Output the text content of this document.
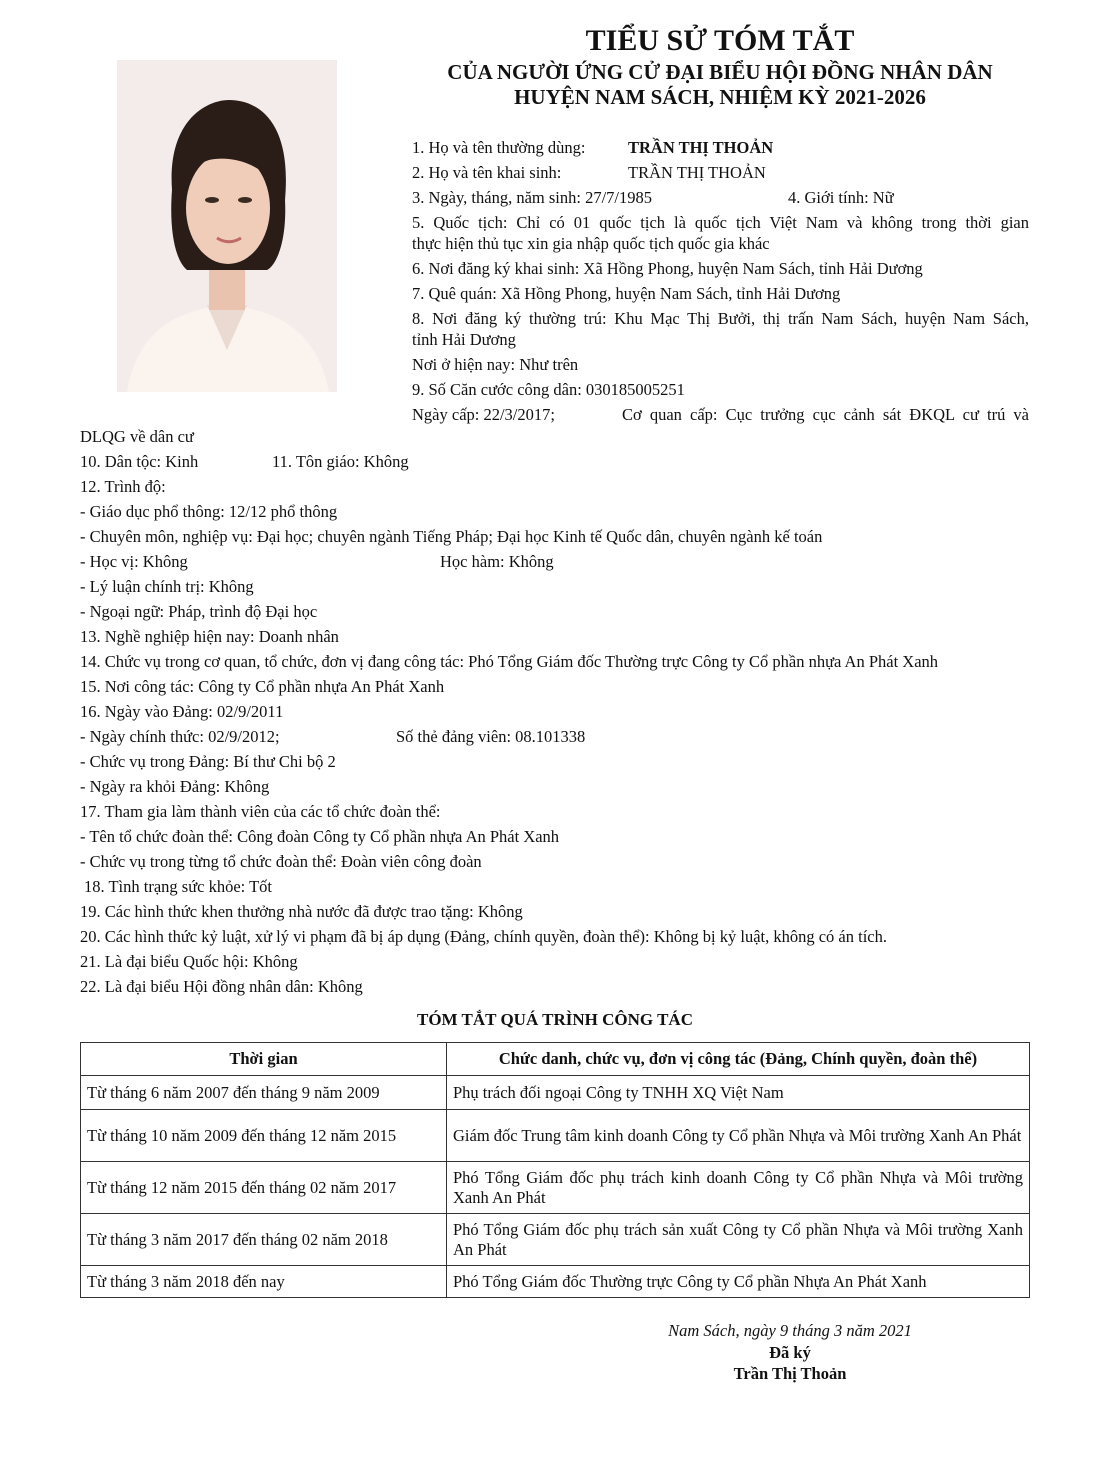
TIỂU SỬ TÓM TẮT
CỦA NGƯỜI ỨNG CỬ ĐẠI BIỂU HỘI ĐỒNG NHÂN DÂN
HUYỆN NAM SÁCH, NHIỆM KỲ 2021-2026
1. Họ và tên thường dùng:	TRẦN THỊ THOẢN
2. Họ và tên khai sinh:	TRẦN THỊ THOẢN
3. Ngày, tháng, năm sinh: 27/7/1985	4. Giới tính: Nữ
5. Quốc tịch: Chỉ có 01 quốc tịch là quốc tịch Việt Nam và không trong thời gian
thực hiện thủ tục xin gia nhập quốc tịch quốc gia khác
6. Nơi đăng ký khai sinh: Xã Hồng Phong, huyện Nam Sách, tỉnh Hải Dương
7. Quê quán: Xã Hồng Phong, huyện Nam Sách, tỉnh Hải Dương
8. Nơi đăng ký thường trú: Khu Mạc Thị Bưởi, thị trấn Nam Sách, huyện Nam Sách,
tỉnh Hải Dương
Nơi ở hiện nay: Như trên
9. Số Căn cước công dân: 030185005251
Ngày cấp: 22/3/2017;	Cơ quan cấp: Cục trưởng cục cảnh sát ĐKQL cư trú và
DLQG về dân cư
10. Dân tộc: Kinh	11. Tôn giáo: Không
12. Trình độ:
- Giáo dục phổ thông: 12/12 phổ thông
- Chuyên môn, nghiệp vụ: Đại học; chuyên ngành Tiếng Pháp; Đại học Kinh tế Quốc dân, chuyên ngành kế toán
- Học vị: Không	Học hàm: Không
- Lý luận chính trị: Không
- Ngoại ngữ: Pháp, trình độ Đại học
13. Nghề nghiệp hiện nay: Doanh nhân
14. Chức vụ trong cơ quan, tổ chức, đơn vị đang công tác: Phó Tổng Giám đốc Thường trực Công ty Cổ phần nhựa An Phát Xanh
15. Nơi công tác: Công ty Cổ phần nhựa An Phát Xanh
16. Ngày vào Đảng: 02/9/2011
- Ngày chính thức: 02/9/2012;	Số thẻ đảng viên: 08.101338
- Chức vụ trong Đảng: Bí thư Chi bộ 2
- Ngày ra khỏi Đảng: Không
17. Tham gia làm thành viên của các tổ chức đoàn thể:
- Tên tổ chức đoàn thể: Công đoàn Công ty Cổ phần nhựa An Phát Xanh
- Chức vụ trong từng tổ chức đoàn thể: Đoàn viên công đoàn
18. Tình trạng sức khỏe: Tốt
19. Các hình thức khen thưởng nhà nước đã được trao tặng: Không
20. Các hình thức kỷ luật, xử lý vi phạm đã bị áp dụng (Đảng, chính quyền, đoàn thể): Không bị kỷ luật, không có án tích.
21. Là đại biểu Quốc hội: Không
22. Là đại biểu Hội đồng nhân dân: Không
TÓM TẮT QUÁ TRÌNH CÔNG TÁC
Thời gian	Chức danh, chức vụ, đơn vị công tác (Đảng, Chính quyền, đoàn thể)
Từ tháng 6 năm 2007 đến tháng 9 năm 2009	Phụ trách đối ngoại Công ty TNHH XQ Việt Nam
Từ tháng 10 năm 2009 đến tháng 12 năm 2015	Giám đốc Trung tâm kinh doanh Công ty Cổ phần Nhựa và Môi trường Xanh An Phát
Từ tháng 12 năm 2015 đến tháng 02 năm 2017	Phó Tổng Giám đốc phụ trách kinh doanh Công ty Cổ phần Nhựa và Môi trường Xanh An Phát
Từ tháng 3 năm 2017 đến tháng 02 năm 2018	Phó Tổng Giám đốc phụ trách sản xuất Công ty Cổ phần Nhựa và Môi trường Xanh An Phát
Từ tháng 3 năm 2018 đến nay	Phó Tổng Giám đốc Thường trực Công ty Cổ phần Nhựa An Phát Xanh
Nam Sách, ngày 9 tháng 3 năm 2021
Đã ký
Trần Thị Thoản
